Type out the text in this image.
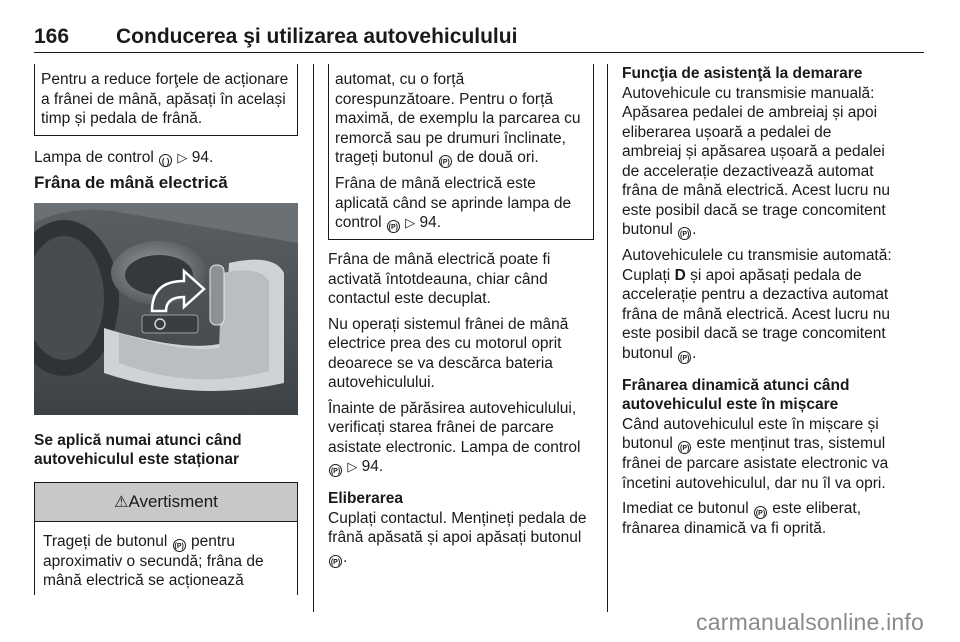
166 Conducerea şi utilizarea autovehiculului

Pentru a reduce forţele de acționare a frânei de mână, apăsați în același timp și pedala de frână.

Lampa de control ( ) ▷ 94.

Frâna de mână electrică
Se aplică numai atunci când autovehiculul este staționar
⚠Avertisment
Trageți de butonul (P) pentru aproximativ o secundă; frâna de mână electrică se acționează

automat, cu o forță corespunzătoare. Pentru o forță maximă, de exemplu la parcarea cu remorcă sau pe drumuri înclinate, trageți butonul (P) de două ori.

Frâna de mână electrică este aplicată când se aprinde lampa de control (P) ▷ 94.

Frâna de mână electrică poate fi activată întotdeauna, chiar când contactul este decuplat.

Nu operați sistemul frânei de mână electrice prea des cu motorul oprit deoarece se va descărca bateria autovehiculului.

Înainte de părăsirea autovehiculului, verificați starea frânei de parcare asistate electronic. Lampa de control (P) ▷ 94.

Eliberarea

Cuplați contactul. Mențineți pedala de frână apăsată și apoi apăsați butonul (P) .

Funcţia de asistenţă la demarare

Autovehicule cu transmisie manuală: Apăsarea pedalei de ambreiaj și apoi eliberarea ușoară a pedalei de ambreiaj și apăsarea ușoară a pedalei de accelerație dezactivează automat frâna de mână electrică. Acest lucru nu este posibil dacă se trage concomitent butonul (P) .

Autovehiculele cu transmisie automată: Cuplați D și apoi apăsați pedala de accelerație pentru a dezactiva automat frâna de mână electrică. Acest lucru nu este posibil dacă se trage concomitent butonul (P) .

Frânarea dinamică atunci când autovehiculul este în mișcare

Când autovehiculul este în mișcare și butonul (P) este menținut tras, sistemul frânei de parcare asistate electronic va încetini autovehiculul, dar nu îl va opri.

Imediat ce butonul (P) este eliberat, frânarea dinamică va fi oprită.

carmanualsonline.info
